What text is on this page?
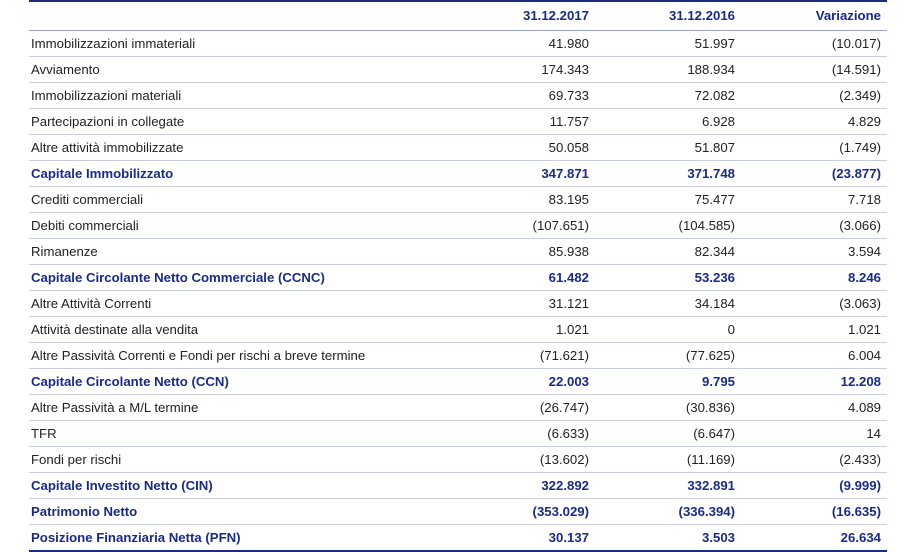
	31.12.2017	31.12.2016	Variazione
Immobilizzazioni immateriali	41.980	51.997	(10.017)
Avviamento	174.343	188.934	(14.591)
Immobilizzazioni materiali	69.733	72.082	(2.349)
Partecipazioni in collegate	11.757	6.928	4.829
Altre attività immobilizzate	50.058	51.807	(1.749)
Capitale Immobilizzato	347.871	371.748	(23.877)
Crediti commerciali	83.195	75.477	7.718
Debiti commerciali	(107.651)	(104.585)	(3.066)
Rimanenze	85.938	82.344	3.594
Capitale Circolante Netto Commerciale (CCNC)	61.482	53.236	8.246
Altre Attività Correnti	31.121	34.184	(3.063)
Attività destinate alla vendita	1.021	0	1.021
Altre Passività Correnti e Fondi per rischi a breve termine	(71.621)	(77.625)	6.004
Capitale Circolante Netto (CCN)	22.003	9.795	12.208
Altre Passività a M/L termine	(26.747)	(30.836)	4.089
TFR	(6.633)	(6.647)	14
Fondi per rischi	(13.602)	(11.169)	(2.433)
Capitale Investito Netto (CIN)	322.892	332.891	(9.999)
Patrimonio Netto	(353.029)	(336.394)	(16.635)
Posizione Finanziaria Netta (PFN)	30.137	3.503	26.634
